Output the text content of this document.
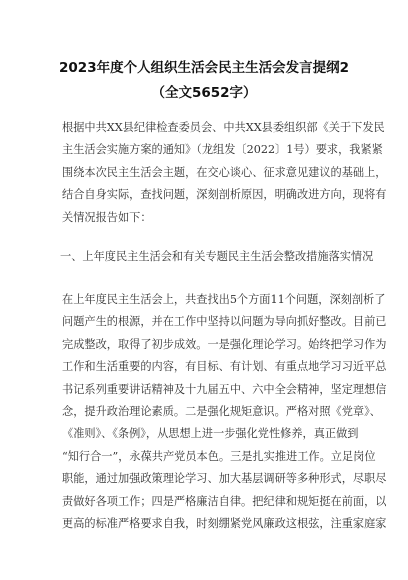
2023年度个人组织生活会民主生活会发言提纲2
（全文5652字）
根据中共XX县纪律检查委员会、中共XX县委组织部《关于下发民
主生活会实施方案的通知》（龙组发〔2022〕1号）要求，我紧紧
围绕本次民主生活会主题，在交心谈心、征求意见建议的基础上，
结合自身实际，查找问题，深刻剖析原因，明确改进方向，现将有
关情况报告如下：
一、上年度民主生活会和有关专题民主生活会整改措施落实情况
在上年度民主生活会上，共查找出5个方面11个问题，深刻剖析了
问题产生的根源，并在工作中坚持以问题为导向抓好整改。目前已
完成整改，取得了初步成效。一是强化理论学习。始终把学习作为
工作和生活重要的内容，有目标、有计划、有重点地学习习近平总
书记系列重要讲话精神及十九届五中、六中全会精神，坚定理想信
念，提升政治理论素质。二是强化规矩意识。严格对照《党章》、
《准则》、《条例》，从思想上进一步强化党性修养，真正做到
“知行合一”，永葆共产党员本色。三是扎实推进工作。立足岗位
职能，通过加强政策理论学习、加大基层调研等多种形式，尽职尽
责做好各项工作；四是严格廉洁自律。把纪律和规矩挺在前面，以
更高的标准严格要求自我，时刻绷紧党风廉政这根弦，注重家庭家
